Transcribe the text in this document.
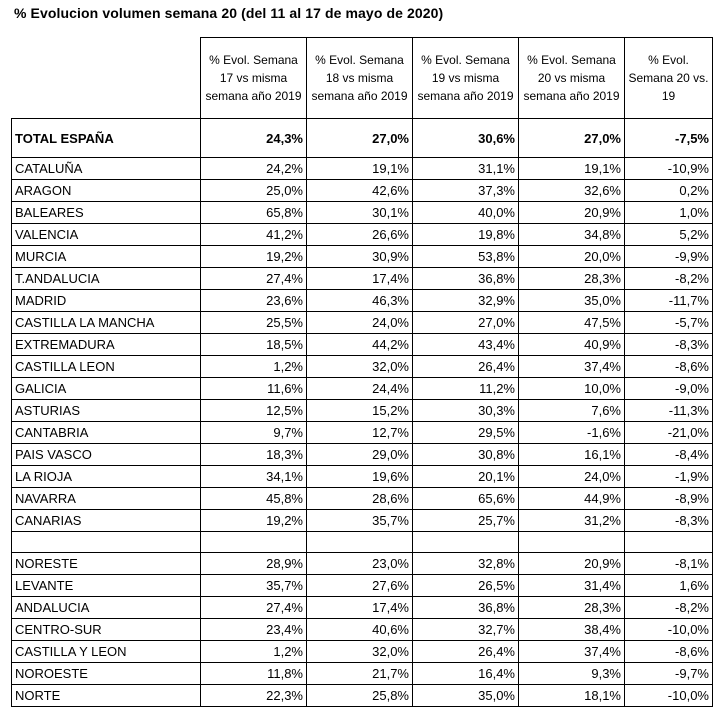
% Evolucion volumen semana 20 (del 11 al 17 de mayo de 2020)

	% Evol. Semana 17 vs misma semana año 2019	% Evol. Semana 18 vs misma semana año 2019	% Evol. Semana 19 vs misma semana año 2019	% Evol. Semana 20 vs misma semana año 2019	% Evol. Semana 20 vs. 19

TOTAL ESPAÑA	24,3%	27,0%	30,6%	27,0%	-7,5%
CATALUÑA	24,2%	19,1%	31,1%	19,1%	-10,9%
ARAGON	25,0%	42,6%	37,3%	32,6%	0,2%
BALEARES	65,8%	30,1%	40,0%	20,9%	1,0%
VALENCIA	41,2%	26,6%	19,8%	34,8%	5,2%
MURCIA	19,2%	30,9%	53,8%	20,0%	-9,9%
T.ANDALUCIA	27,4%	17,4%	36,8%	28,3%	-8,2%
MADRID	23,6%	46,3%	32,9%	35,0%	-11,7%
CASTILLA LA MANCHA	25,5%	24,0%	27,0%	47,5%	-5,7%
EXTREMADURA	18,5%	44,2%	43,4%	40,9%	-8,3%
CASTILLA LEON	1,2%	32,0%	26,4%	37,4%	-8,6%
GALICIA	11,6%	24,4%	11,2%	10,0%	-9,0%
ASTURIAS	12,5%	15,2%	30,3%	7,6%	-11,3%
CANTABRIA	9,7%	12,7%	29,5%	-1,6%	-21,0%
PAIS VASCO	18,3%	29,0%	30,8%	16,1%	-8,4%
LA RIOJA	34,1%	19,6%	20,1%	24,0%	-1,9%
NAVARRA	45,8%	28,6%	65,6%	44,9%	-8,9%
CANARIAS	19,2%	35,7%	25,7%	31,2%	-8,3%

NORESTE	28,9%	23,0%	32,8%	20,9%	-8,1%
LEVANTE	35,7%	27,6%	26,5%	31,4%	1,6%
ANDALUCIA	27,4%	17,4%	36,8%	28,3%	-8,2%
CENTRO-SUR	23,4%	40,6%	32,7%	38,4%	-10,0%
CASTILLA Y LEON	1,2%	32,0%	26,4%	37,4%	-8,6%
NOROESTE	11,8%	21,7%	16,4%	9,3%	-9,7%
NORTE	22,3%	25,8%	35,0%	18,1%	-10,0%
